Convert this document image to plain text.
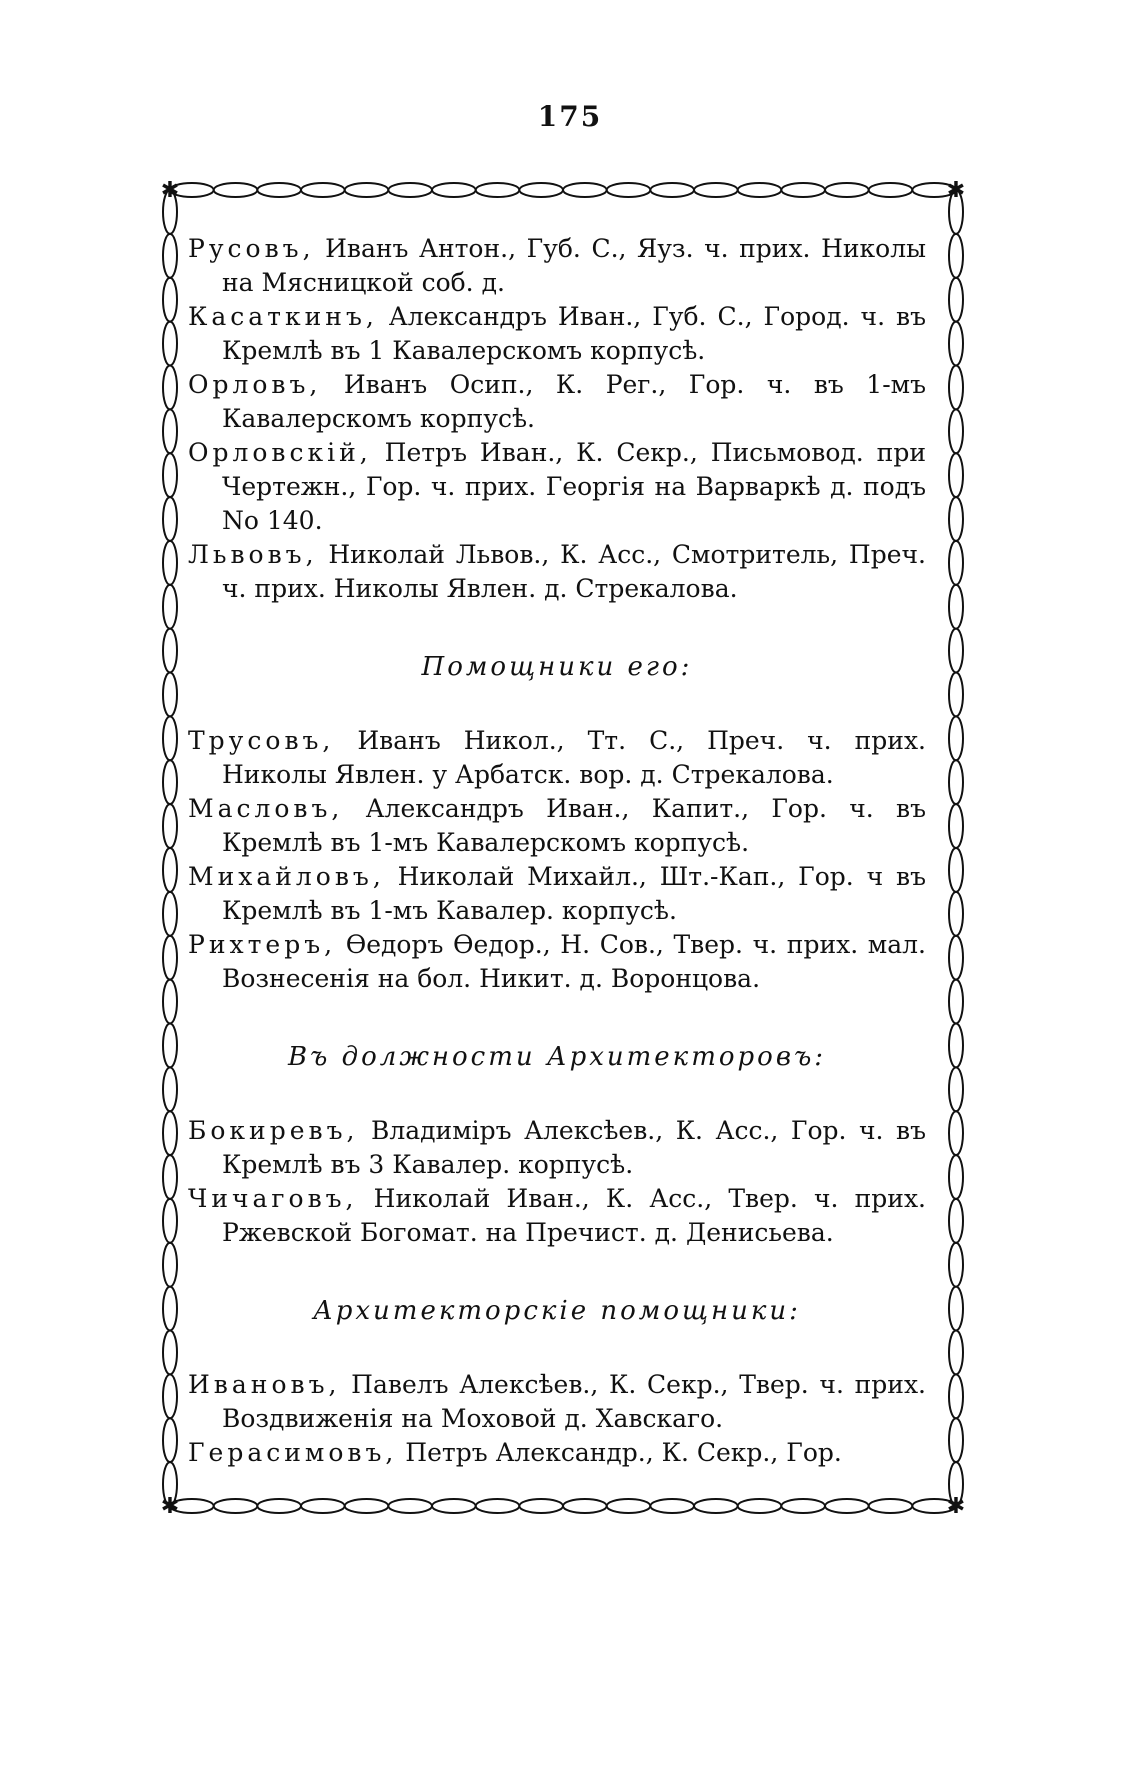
175
✱	✱
✱	✱

Русовъ, Иванъ Антон., Губ. С., Яуз. ч. прих. Николы на Мясницкой соб. д.

Касаткинъ, Александръ Иван., Губ. С., Город. ч. въ Кремлѣ въ 1 Кавалерскомъ корпусѣ.

Орловъ, Иванъ Осип., К. Рег., Гор. ч. въ 1-мъ Кавалерскомъ корпусѣ.

Орловскiй, Петръ Иван., К. Секр., Письмовод. при Чертежн., Гор. ч. прих. Георгiя на Варваркѣ д. подъ No 140.

Львовъ, Николай Львов., К. Асс., Смотритель, Преч. ч. прих. Николы Явлен. д. Стрекалова.

Помощники его:

Трусовъ, Иванъ Никол., Тт. С., Преч. ч. прих. Николы Явлен. у Арбатск. вор. д. Стрекалова.

Масловъ, Александръ Иван., Капит., Гор. ч. въ Кремлѣ въ 1-мъ Кавалерскомъ корпусѣ.

Михайловъ, Николай Михайл., Шт.-Кап., Гор. ч въ Кремлѣ въ 1-мъ Кавалер. корпусѣ.

Рихтеръ, Өедоръ Өедор., Н. Сов., Твер. ч. прих. мал. Вознесенiя на бол. Никит. д. Воронцова.

Въ должности Архитекторовъ:

Бокиревъ, Владимiръ Алексѣев., К. Асс., Гор. ч. въ Кремлѣ въ 3 Кавалер. корпусѣ.

Чичаговъ, Николай Иван., К. Асс., Твер. ч. прих. Ржевской Богомат. на Пречист. д. Денисьева.

Архитекторскiе помощники:

Ивановъ, Павелъ Алексѣев., К. Секр., Твер. ч. прих. Воздвиженiя на Моховой д. Хавскаго.

Герасимовъ, Петръ Александр., К. Секр., Гор.
